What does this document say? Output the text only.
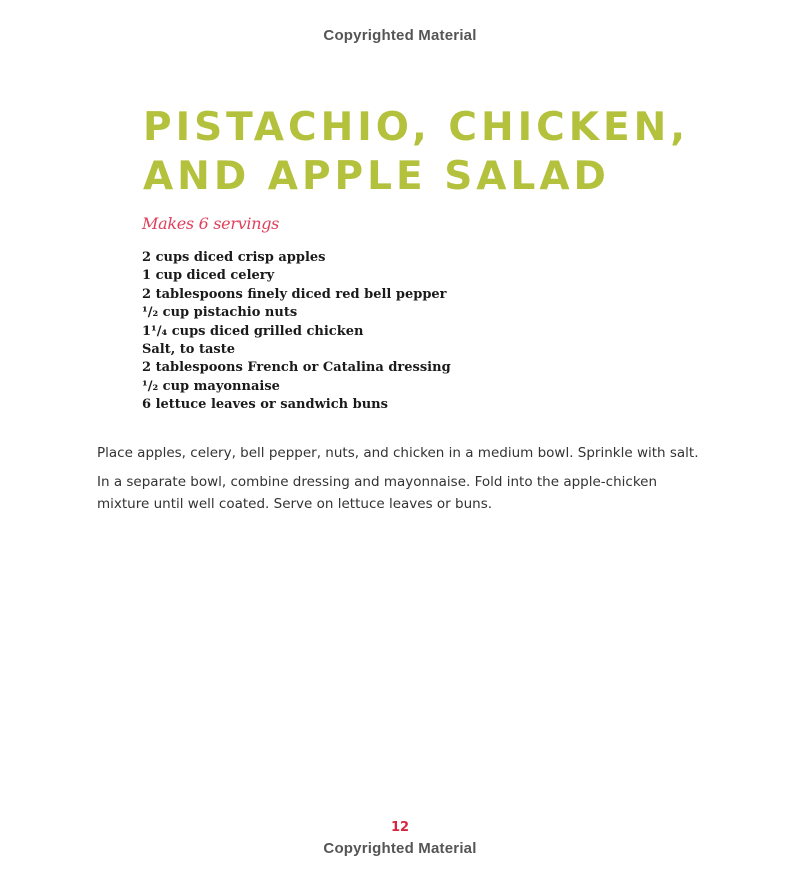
Copyrighted Material
PISTACHIO, CHICKEN, AND APPLE SALAD
Makes 6 servings
2 cups diced crisp apples
1 cup diced celery
2 tablespoons finely diced red bell pepper
¹/₂ cup pistachio nuts
1¹/₄ cups diced grilled chicken
Salt, to taste
2 tablespoons French or Catalina dressing
¹/₂ cup mayonnaise
6 lettuce leaves or sandwich buns

Place apples, celery, bell pepper, nuts, and chicken in a medium bowl. Sprinkle with salt.

In a separate bowl, combine dressing and mayonnaise. Fold into the apple-chicken mixture until well coated. Serve on lettuce leaves or buns.

12
Copyrighted Material
